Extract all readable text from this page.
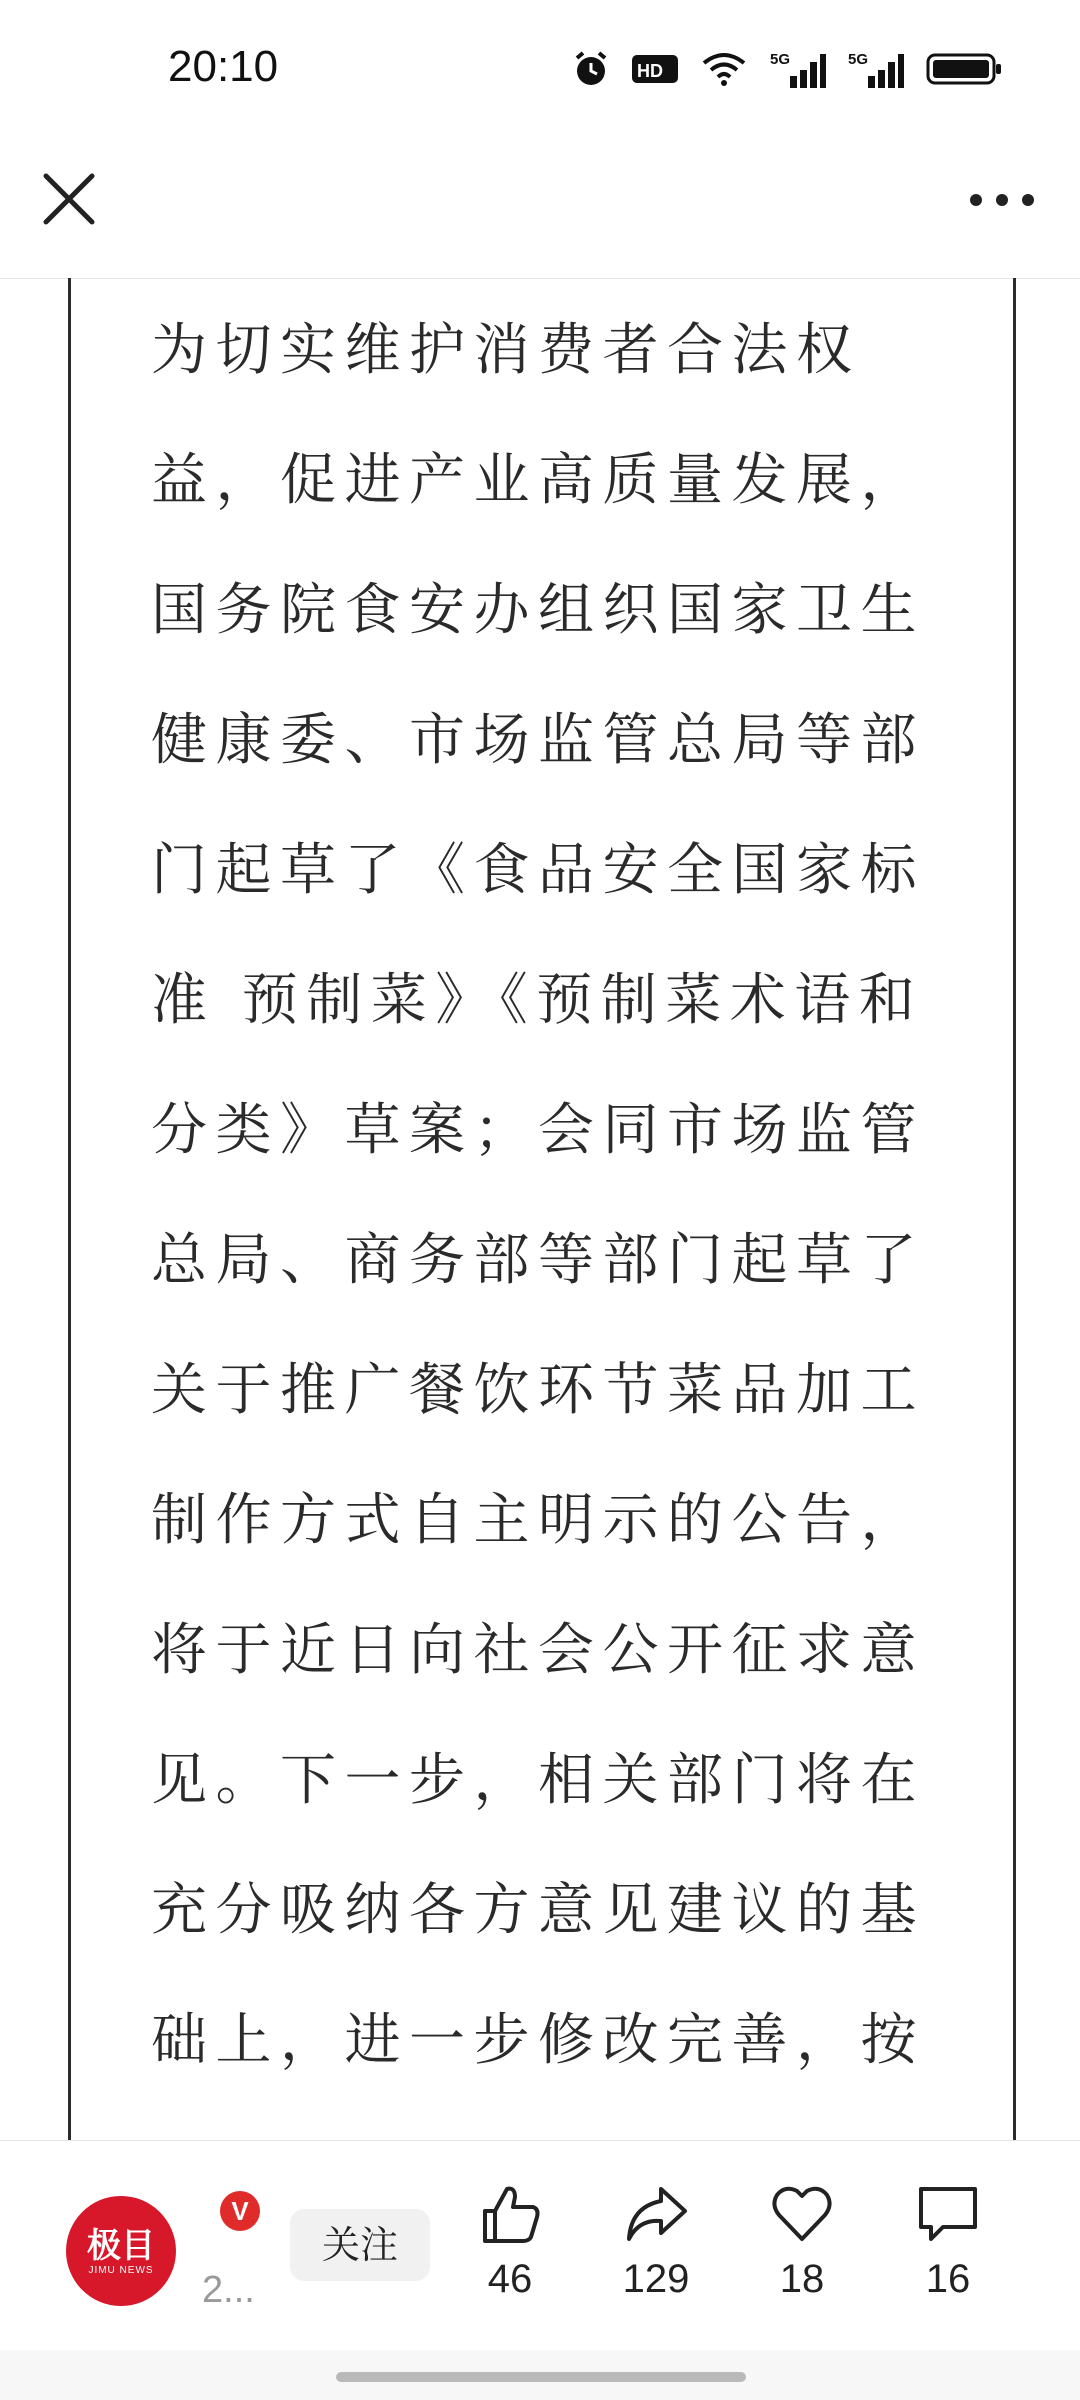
20:10	HD
5G	5G

为切实维护消费者合法权益，促进产业高质量发展，国务院食安办组织国家卫生健康委、市场监管总局等部门起草了《食品安全国家标准 预制菜》《预制菜术语和分类》草案；会同市场监管总局、商务部等部门起草了关于推广餐饮环节菜品加工制作方式自主明示的公告，将于近日向社会公开征求意见。下一步，相关部门将在充分吸纳各方意见建议的基础上，进一步修改完善，按

极目
JIMU NEWS
V
2...
关注
46	129	18	16
